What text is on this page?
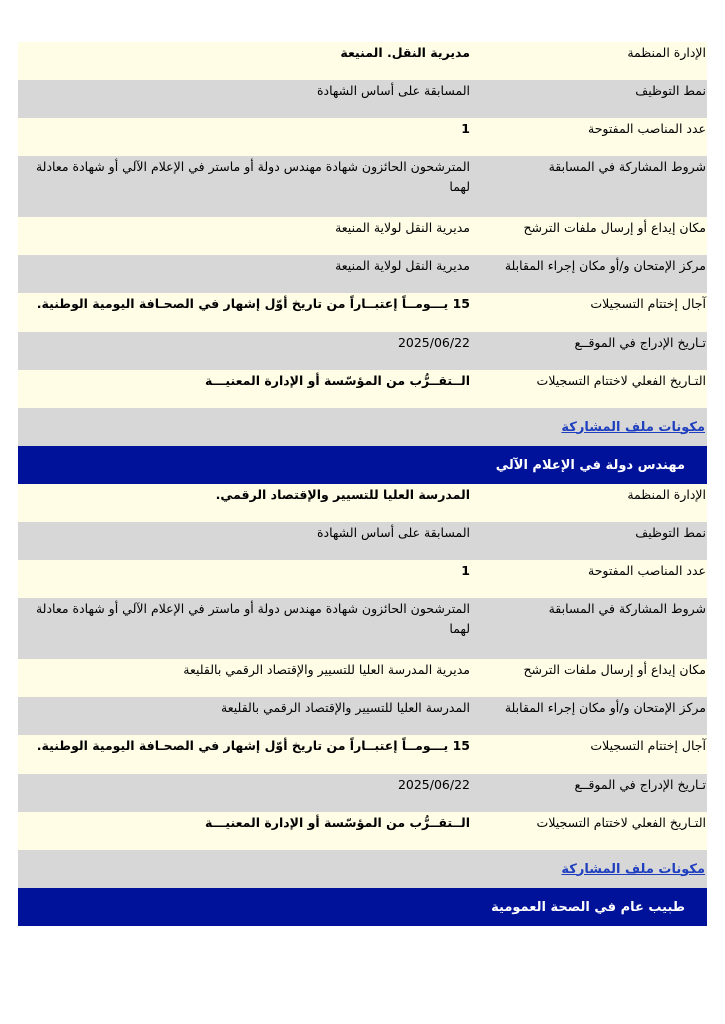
الإدارة المنظمة
مديرية النقل. المنيعة
نمط التوظيف
المسابقة على أساس الشهادة
عدد المناصب المفتوحة
1
شروط المشاركة في المسابقة
المترشحون الحائزون شهادة مهندس دولة أو ماستر في الإعلام الآلي أو شهادة معادلة لهما
مكان إيداع أو إرسال ملفات الترشح
مديرية النقل لولاية المنيعة
مركز الإمتحان و/أو مكان إجراء المقابلة
مديرية النقل لولاية المنيعة
آجال إختتام التسجيلات
15 يـــومــاً إعتبــاراً من تاريخ أوّل إشهار في الصحـافة اليومية الوطنية.
تـاريخ الإدراج في الموقــع
2025/06/22
التـاريخ الفعلي لاختتام التسجيلات
الــتقــرُّب من المؤسّسة أو الإدارة المعنيـــة
مكونات ملف المشاركة
مهندس دولة في الإعلام الآلي
الإدارة المنظمة
المدرسة العليا للتسيير والإقتصاد الرقمي.
نمط التوظيف
المسابقة على أساس الشهادة
عدد المناصب المفتوحة
1
شروط المشاركة في المسابقة
المترشحون الحائزون شهادة مهندس دولة أو ماستر في الإعلام الآلي أو شهادة معادلة لهما
مكان إيداع أو إرسال ملفات الترشح
مديرية المدرسة العليا للتسيير والإقتصاد الرقمي بالقليعة
مركز الإمتحان و/أو مكان إجراء المقابلة
المدرسة العليا للتسيير والإقتصاد الرقمي بالقليعة
آجال إختتام التسجيلات
15 يـــومــاً إعتبــاراً من تاريخ أوّل إشهار في الصحـافة اليومية الوطنية.
تـاريخ الإدراج في الموقــع
2025/06/22
التـاريخ الفعلي لاختتام التسجيلات
الــتقــرُّب من المؤسّسة أو الإدارة المعنيـــة
مكونات ملف المشاركة
طبيب عام في الصحة العمومية
